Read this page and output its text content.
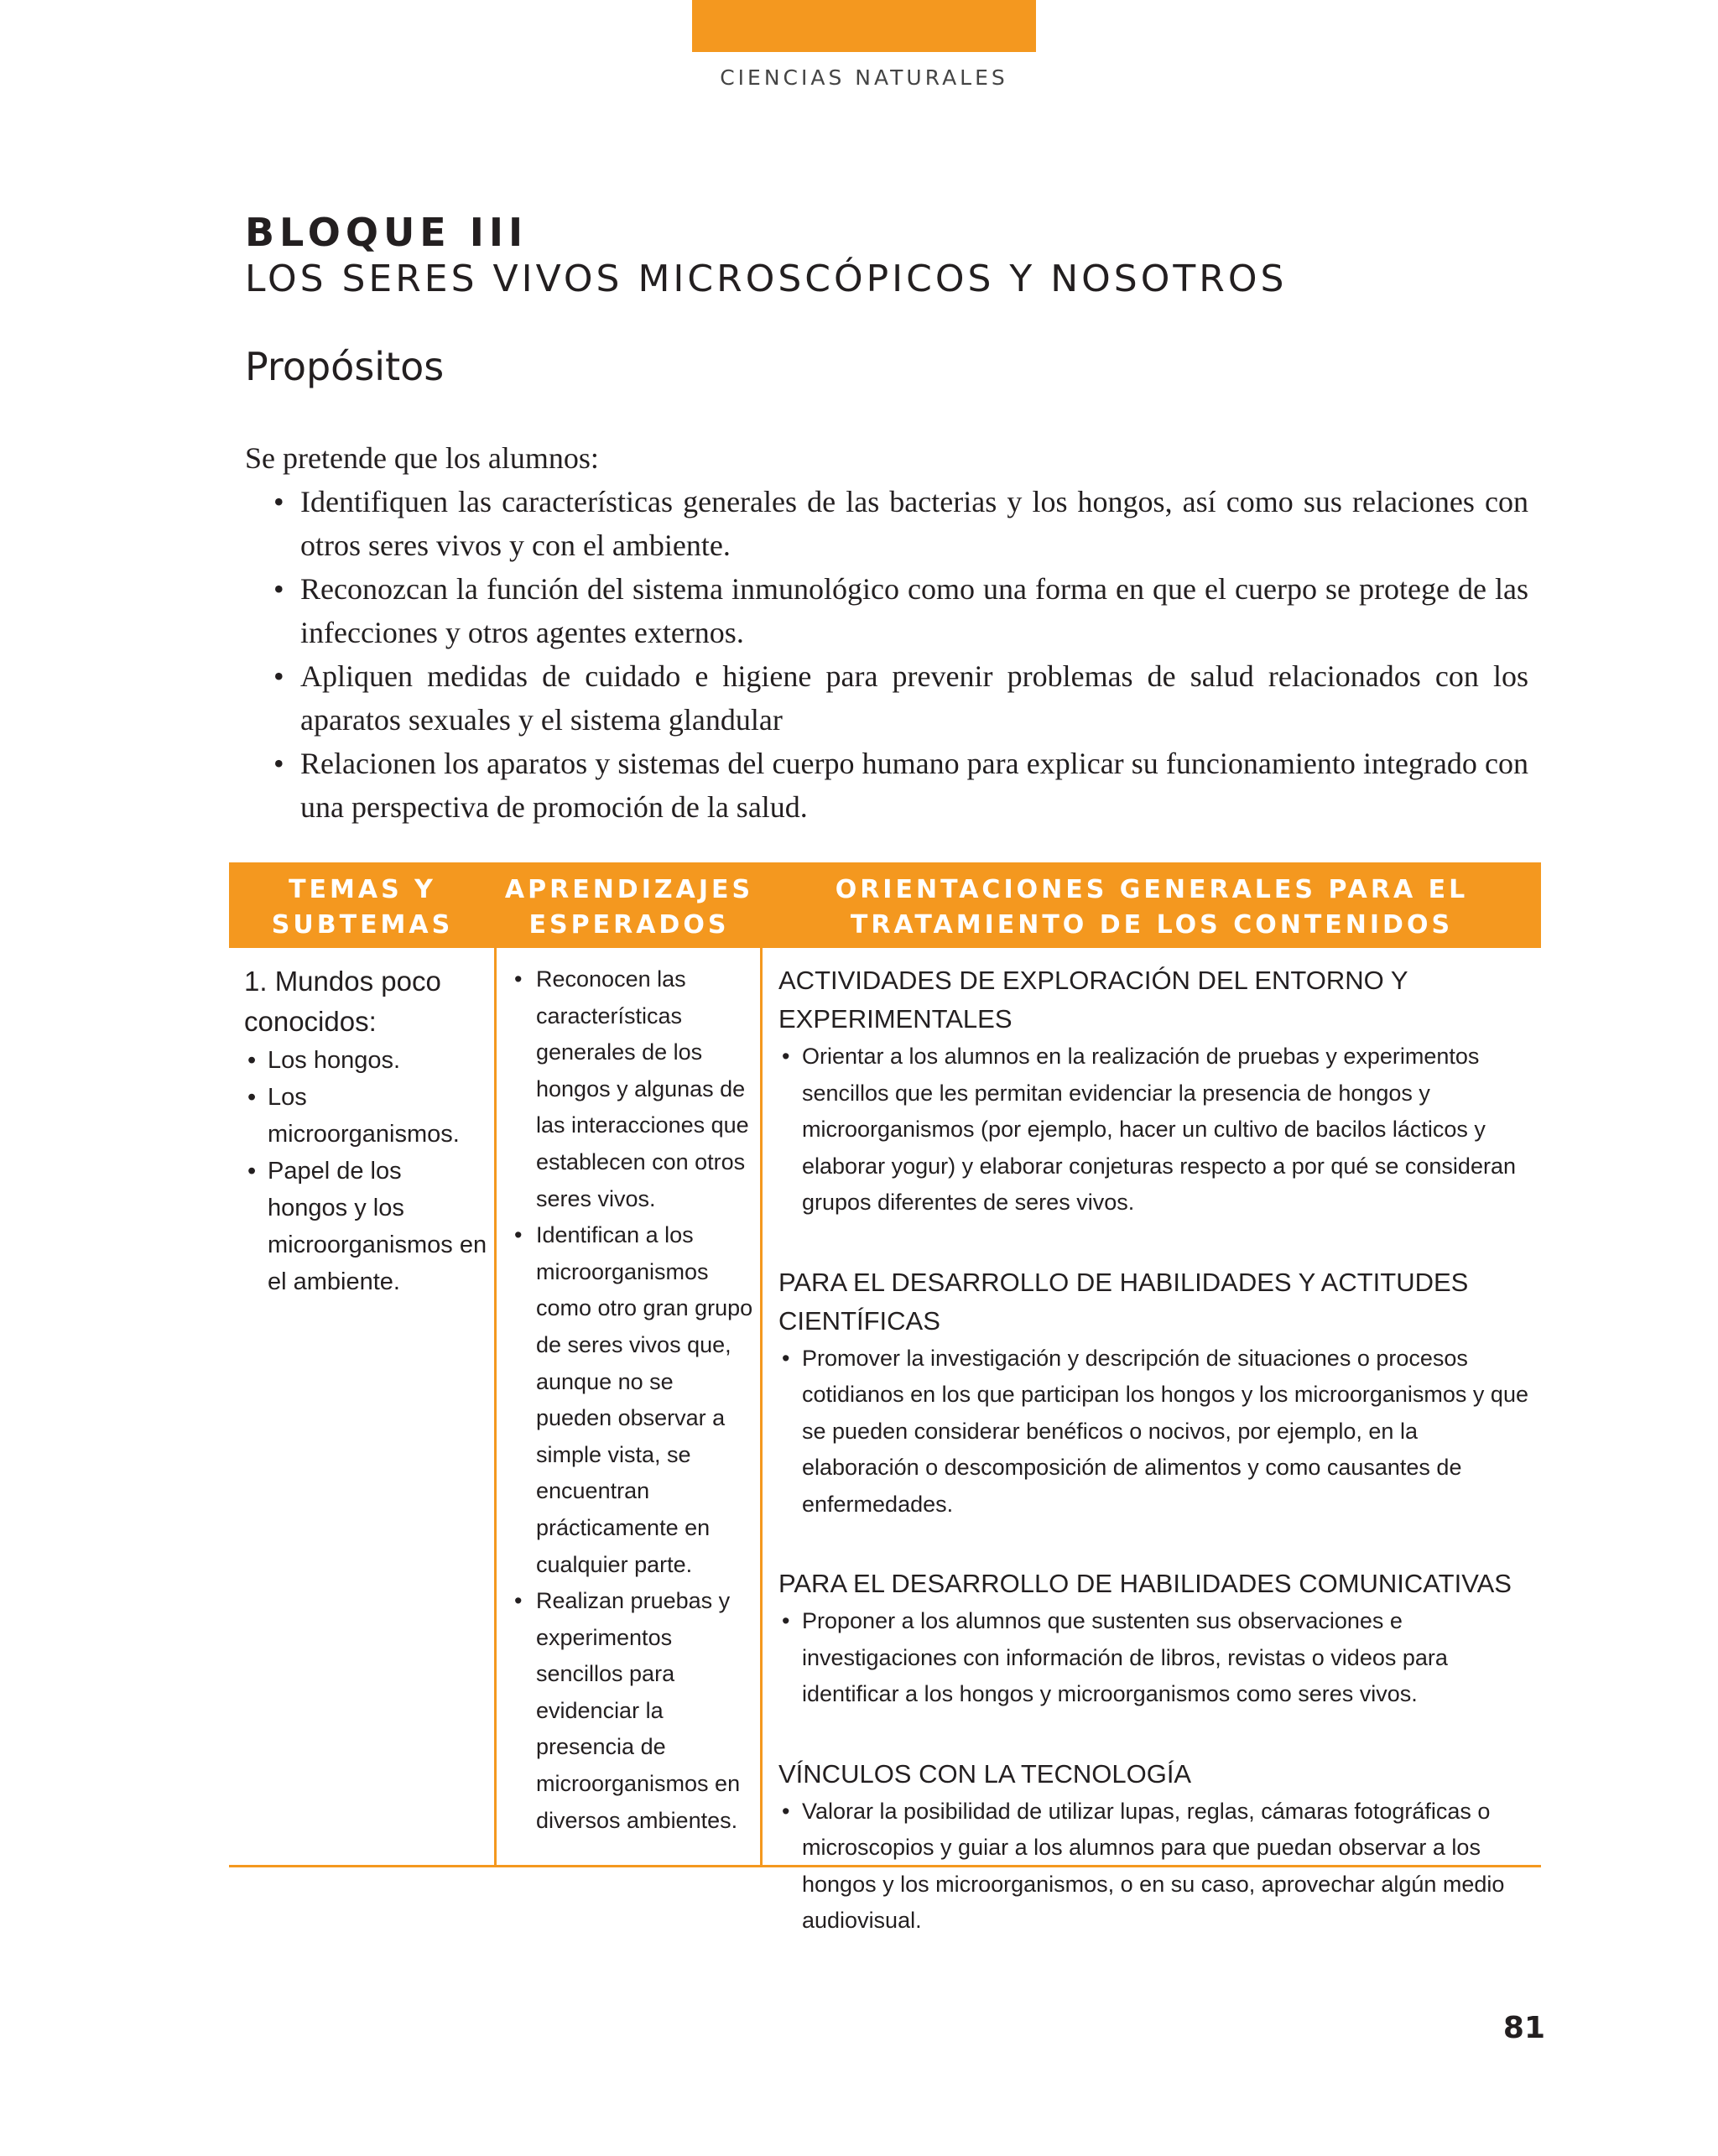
CIENCIAS NATURALES
BLOQUE III
LOS SERES VIVOS MICROSCÓPICOS Y NOSOTROS
Propósitos
Se pretende que los alumnos:
• Identifiquen las características generales de las bacterias y los hongos, así como sus relaciones con otros seres vivos y con el ambiente.
• Reconozcan la función del sistema inmunológico como una forma en que el cuerpo se protege de las infecciones y otros agentes externos.
• Apliquen medidas de cuidado e higiene para prevenir problemas de salud relacionados con los aparatos sexuales y el sistema glandular
• Relacionen los aparatos y sistemas del cuerpo humano para explicar su funcionamiento integrado con una perspectiva de promoción de la salud.
TEMAS Y SUBTEMAS
APRENDIZAJES ESPERADOS
ORIENTACIONES GENERALES PARA EL TRATAMIENTO DE LOS CONTENIDOS
1. Mundos poco conocidos:
• Los hongos.
• Los microorganismos.
• Papel de los hongos y los microorganismos en el ambiente.
• Reconocen las características generales de los hongos y algunas de las interacciones que establecen con otros seres vivos.
• Identifican a los microorganismos como otro gran grupo de seres vivos que, aunque no se pueden observar a simple vista, se encuentran prácticamente en cualquier parte.
• Realizan pruebas y experimentos sencillos para evidenciar la presencia de microorganismos en diversos ambientes.
ACTIVIDADES DE EXPLORACIÓN DEL ENTORNO Y EXPERIMENTALES
• Orientar a los alumnos en la realización de pruebas y experimentos sencillos que les permitan evidenciar la presencia de hongos y microorganismos (por ejemplo, hacer un cultivo de bacilos lácticos y elaborar yogur) y elaborar conjeturas respecto a por qué se consideran grupos diferentes de seres vivos.
PARA EL DESARROLLO DE HABILIDADES Y ACTITUDES CIENTÍFICAS
• Promover la investigación y descripción de situaciones o procesos cotidianos en los que participan los hongos y los microorganismos y que se pueden considerar benéficos o nocivos, por ejemplo, en la elaboración o descomposición de alimentos y como causantes de enfermedades.
PARA EL DESARROLLO DE HABILIDADES COMUNICATIVAS
• Proponer a los alumnos que sustenten sus observaciones e investigaciones con información de libros, revistas o videos para identificar a los hongos y microorganismos como seres vivos.
VÍNCULOS CON LA TECNOLOGÍA
• Valorar la posibilidad de utilizar lupas, reglas, cámaras fotográficas o microscopios y guiar a los alumnos para que puedan observar a los hongos y los microorganismos, o en su caso, aprovechar algún medio audiovisual.
81
